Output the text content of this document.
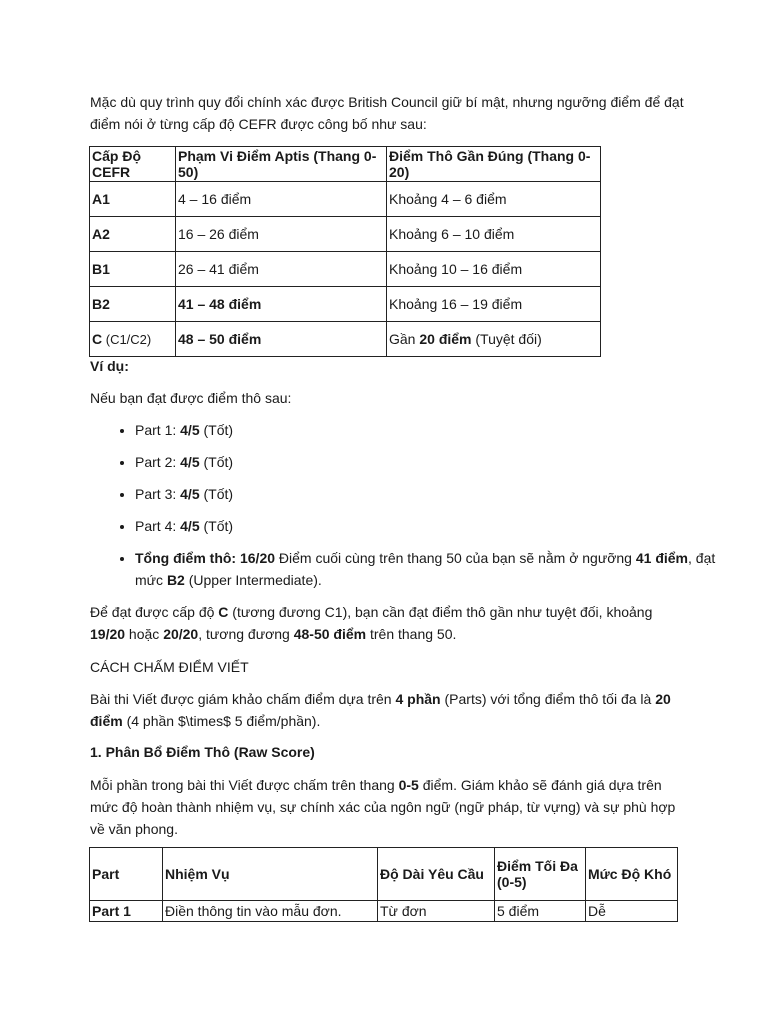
Mặc dù quy trình quy đổi chính xác được British Council giữ bí mật, nhưng ngưỡng điểm để đạt điểm nói ở từng cấp độ CEFR được công bố như sau:

Cấp Độ CEFR	Phạm Vi Điểm Aptis (Thang 0-50)	Điểm Thô Gần Đúng (Thang 0-20)
A1	4 – 16 điểm	Khoảng 4 – 6 điểm
A2	16 – 26 điểm	Khoảng 6 – 10 điểm
B1	26 – 41 điểm	Khoảng 10 – 16 điểm
B2	41 – 48 điểm	Khoảng 16 – 19 điểm
C (C1/C2)	48 – 50 điểm	Gần 20 điểm (Tuyệt đối)

Ví dụ:

Nếu bạn đạt được điểm thô sau:

• Part 1: 4/5 (Tốt)
• Part 2: 4/5 (Tốt)
• Part 3: 4/5 (Tốt)
• Part 4: 4/5 (Tốt)
• Tổng điểm thô: 16/20 Điểm cuối cùng trên thang 50 của bạn sẽ nằm ở ngưỡng 41 điểm, đạt mức B2 (Upper Intermediate).

Để đạt được cấp độ C (tương đương C1), bạn cần đạt điểm thô gần như tuyệt đối, khoảng 19/20 hoặc 20/20, tương đương 48-50 điểm trên thang 50.

CÁCH CHẤM ĐIỂM VIẾT

Bài thi Viết được giám khảo chấm điểm dựa trên 4 phần (Parts) với tổng điểm thô tối đa là 20 điểm (4 phần $\times$ 5 điểm/phần).

1. Phân Bổ Điểm Thô (Raw Score)

Mỗi phần trong bài thi Viết được chấm trên thang 0-5 điểm. Giám khảo sẽ đánh giá dựa trên mức độ hoàn thành nhiệm vụ, sự chính xác của ngôn ngữ (ngữ pháp, từ vựng) và sự phù hợp về văn phong.

Part	Nhiệm Vụ	Độ Dài Yêu Cầu	Điểm Tối Đa (0-5)	Mức Độ Khó
Part 1	Điền thông tin vào mẫu đơn.	Từ đơn	5 điểm	Dễ
